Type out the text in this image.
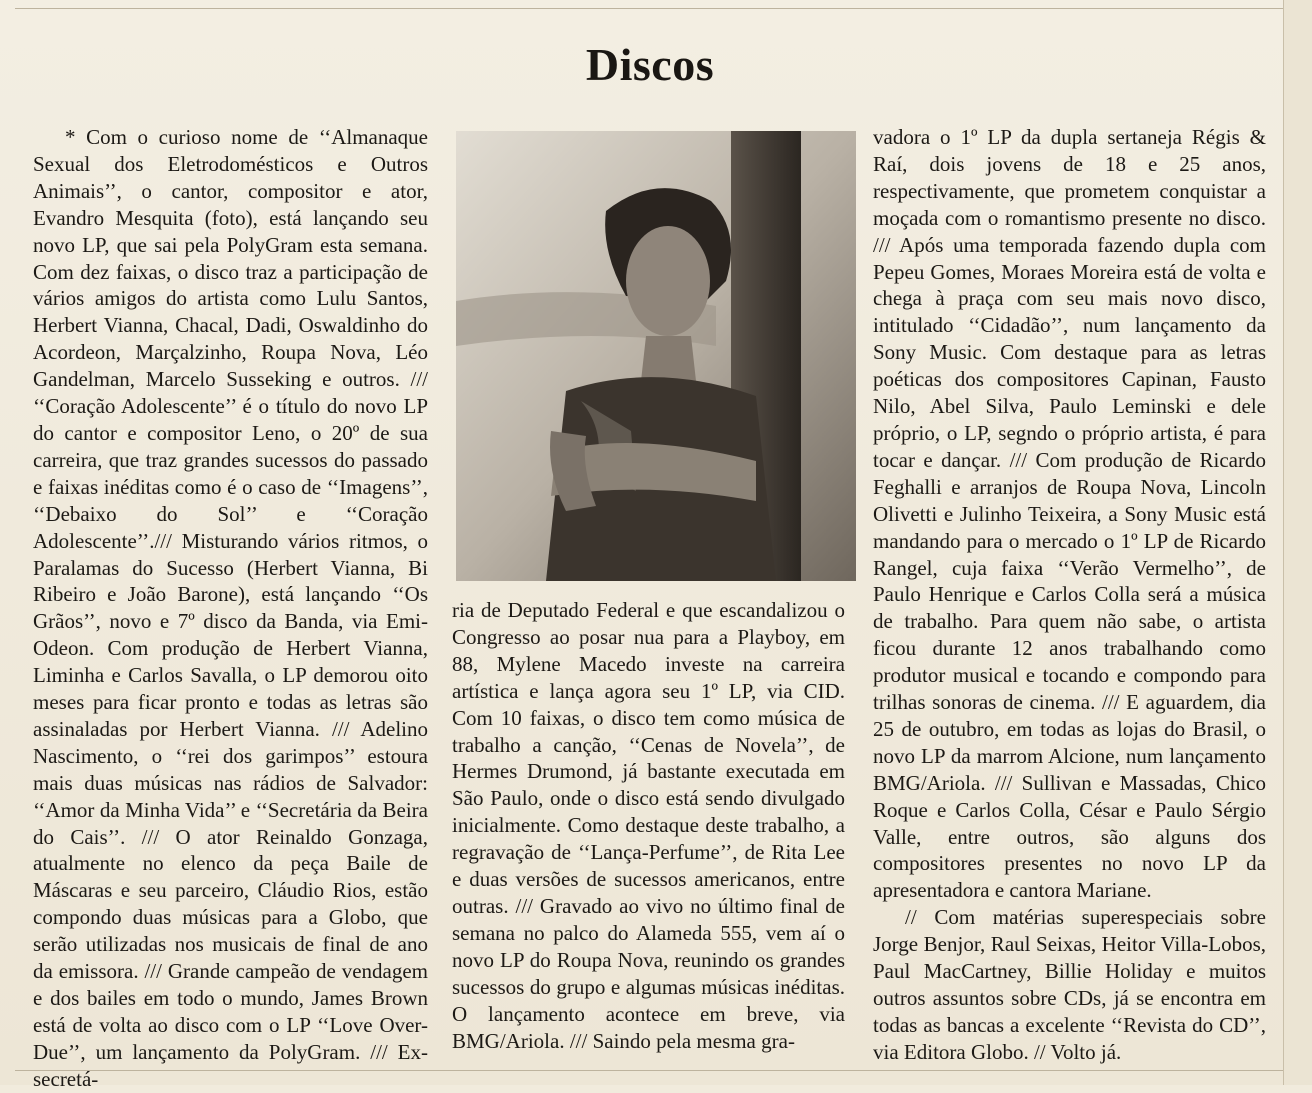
Discos

* Com o curioso nome de ‘‘Almanaque Sexual dos Eletrodomésticos e Outros Animais’’, o cantor, compositor e ator, Evandro Mesquita (foto), está lançando seu novo LP, que sai pela PolyGram esta semana. Com dez faixas, o disco traz a participação de vários amigos do artista como Lulu Santos, Herbert Vianna, Chacal, Dadi, Oswaldinho do Acordeon, Marçalzinho, Roupa Nova, Léo Gandelman, Marcelo Susseking e outros. /// ‘‘Coração Adolescente’’ é o título do novo LP do cantor e compositor Leno, o 20º de sua carreira, que traz grandes sucessos do passado e faixas inéditas como é o caso de ‘‘Imagens’’, ‘‘Debaixo do Sol’’ e ‘‘Coração Adolescente’’./// Misturando vários ritmos, o Paralamas do Sucesso (Herbert Vianna, Bi Ribeiro e João Barone), está lançando ‘‘Os Grãos’’, novo e 7º disco da Banda, via Emi-Odeon. Com produção de Herbert Vianna, Liminha e Carlos Savalla, o LP demorou oito meses para ficar pronto e todas as letras são assinaladas por Herbert Vianna. /// Adelino Nascimento, o ‘‘rei dos garimpos’’ estoura mais duas músicas nas rádios de Salvador: ‘‘Amor da Minha Vida’’ e ‘‘Secretária da Beira do Cais’’. /// O ator Reinaldo Gonzaga, atualmente no elenco da peça Baile de Máscaras e seu parceiro, Cláudio Rios, estão compondo duas músicas para a Globo, que serão utilizadas nos musicais de final de ano da emissora. /// Grande campeão de vendagem e dos bailes em todo o mundo, James Brown está de volta ao disco com o LP ‘‘Love Over-Due’’, um lançamento da PolyGram. /// Ex-secretá-

ria de Deputado Federal e que escandalizou o Congresso ao posar nua para a Playboy, em 88, Mylene Macedo investe na carreira artística e lança agora seu 1º LP, via CID. Com 10 faixas, o disco tem como música de trabalho a canção, ‘‘Cenas de Novela’’, de Hermes Drumond, já bastante executada em São Paulo, onde o disco está sendo divulgado inicialmente. Como destaque deste trabalho, a regravação de ‘‘Lança-Perfume’’, de Rita Lee e duas versões de sucessos americanos, entre outras. /// Gravado ao vivo no último final de semana no palco do Alameda 555, vem aí o novo LP do Roupa Nova, reunindo os grandes sucessos do grupo e algumas músicas inéditas. O lançamento acontece em breve, via BMG/Ariola. /// Saindo pela mesma gra-

vadora o 1º LP da dupla sertaneja Régis & Raí, dois jovens de 18 e 25 anos, respectivamente, que prometem conquistar a moçada com o romantismo presente no disco. /// Após uma temporada fazendo dupla com Pepeu Gomes, Moraes Moreira está de volta e chega à praça com seu mais novo disco, intitulado ‘‘Cidadão’’, num lançamento da Sony Music. Com destaque para as letras poéticas dos compositores Capinan, Fausto Nilo, Abel Silva, Paulo Leminski e dele próprio, o LP, segndo o próprio artista, é para tocar e dançar. /// Com produção de Ricardo Feghalli e arranjos de Roupa Nova, Lincoln Olivetti e Julinho Teixeira, a Sony Music está mandando para o mercado o 1º LP de Ricardo Rangel, cuja faixa ‘‘Verão Vermelho’’, de Paulo Henrique e Carlos Colla será a música de trabalho. Para quem não sabe, o artista ficou durante 12 anos trabalhando como produtor musical e tocando e compondo para trilhas sonoras de cinema. /// E aguardem, dia 25 de outubro, em todas as lojas do Brasil, o novo LP da marrom Alcione, num lançamento BMG/Ariola. /// Sullivan e Massadas, Chico Roque e Carlos Colla, César e Paulo Sérgio Valle, entre outros, são alguns dos compositores presentes no novo LP da apresentadora e cantora Mariane.

// Com matérias superespeciais sobre Jorge Benjor, Raul Seixas, Heitor Villa-Lobos, Paul MacCartney, Billie Holiday e muitos outros assuntos sobre CDs, já se encontra em todas as bancas a excelente ‘‘Revista do CD’’, via Editora Globo. // Volto já.
